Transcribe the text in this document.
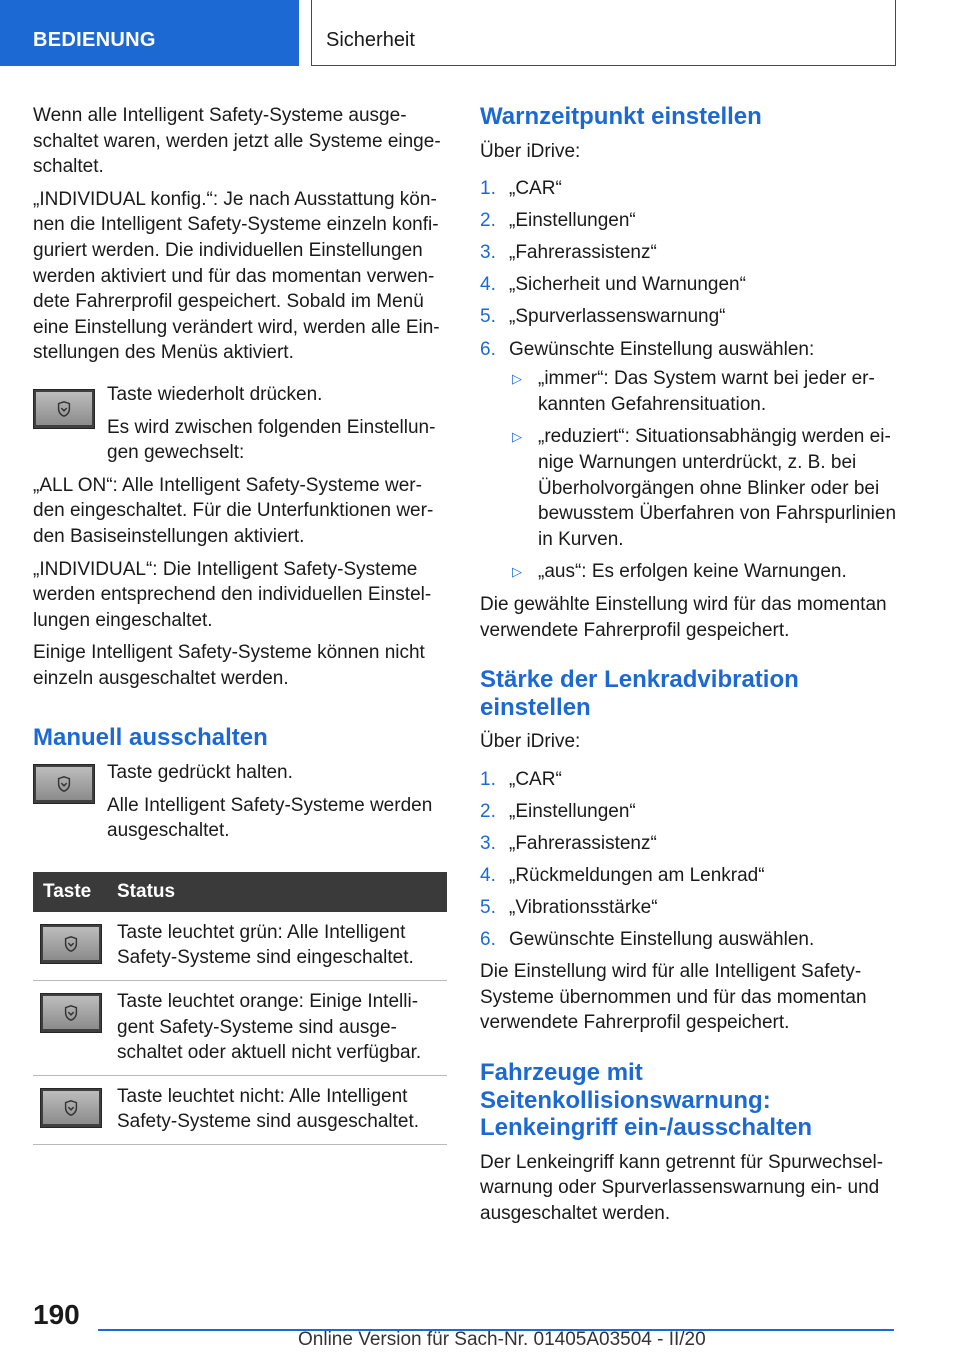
BEDIENUNG	Sicherheit
Wenn alle Intelligent Safety-Systeme ausgeschaltet waren, werden jetzt alle Systeme eingeschaltet.
„INDIVIDUAL konfig.“: Je nach Ausstattung können die Intelligent Safety-Systeme einzeln konfiguriert werden. Die individuellen Einstellungen werden aktiviert und für das momentan verwendete Fahrerprofil gespeichert. Sobald im Menü eine Einstellung verändert wird, werden alle Einstellungen des Menüs aktiviert.
Taste wiederholt drücken.
Es wird zwischen folgenden Einstellungen gewechselt:
„ALL ON“: Alle Intelligent Safety-Systeme werden eingeschaltet. Für die Unterfunktionen werden Basiseinstellungen aktiviert.
„INDIVIDUAL“: Die Intelligent Safety-Systeme werden entsprechend den individuellen Einstellungen eingeschaltet.
Einige Intelligent Safety-Systeme können nicht einzeln ausgeschaltet werden.
Manuell ausschalten
Taste gedrückt halten.
Alle Intelligent Safety-Systeme werden ausgeschaltet.
Taste	Status

	Taste leuchtet grün: Alle Intelligent Safety-Systeme sind eingeschaltet.

	Taste leuchtet orange: Einige Intelligent Safety-Systeme sind ausgeschaltet oder aktuell nicht verfügbar.

	Taste leuchtet nicht: Alle Intelligent Safety-Systeme sind ausgeschaltet.
Warnzeitpunkt einstellen
Über iDrive:
1. „CAR“
2. „Einstellungen“
3. „Fahrerassistenz“
4. „Sicherheit und Warnungen“
5. „Spurverlassenswarnung“
6. Gewünschte Einstellung auswählen:
▷ „immer“: Das System warnt bei jeder erkannten Gefahrensituation.
▷ „reduziert“: Situationsabhängig werden einige Warnungen unterdrückt, z. B. bei Überholvorgängen ohne Blinker oder bei bewusstem Überfahren von Fahrspurlinien in Kurven.
▷ „aus“: Es erfolgen keine Warnungen.
Die gewählte Einstellung wird für das momentan verwendete Fahrerprofil gespeichert.
Stärke der Lenkradvibration einstellen
Über iDrive:
1. „CAR“
2. „Einstellungen“
3. „Fahrerassistenz“
4. „Rückmeldungen am Lenkrad“
5. „Vibrationsstärke“
6. Gewünschte Einstellung auswählen.
Die Einstellung wird für alle Intelligent Safety-Systeme übernommen und für das momentan verwendete Fahrerprofil gespeichert.
Fahrzeuge mit Seitenkollisionswarnung: Lenkeingriff ein-/ausschalten
Der Lenkeingriff kann getrennt für Spurwechselwarnung oder Spurverlassenswarnung ein- und ausgeschaltet werden.
190
Online Version für Sach-Nr. 01405A03504 - II/20
